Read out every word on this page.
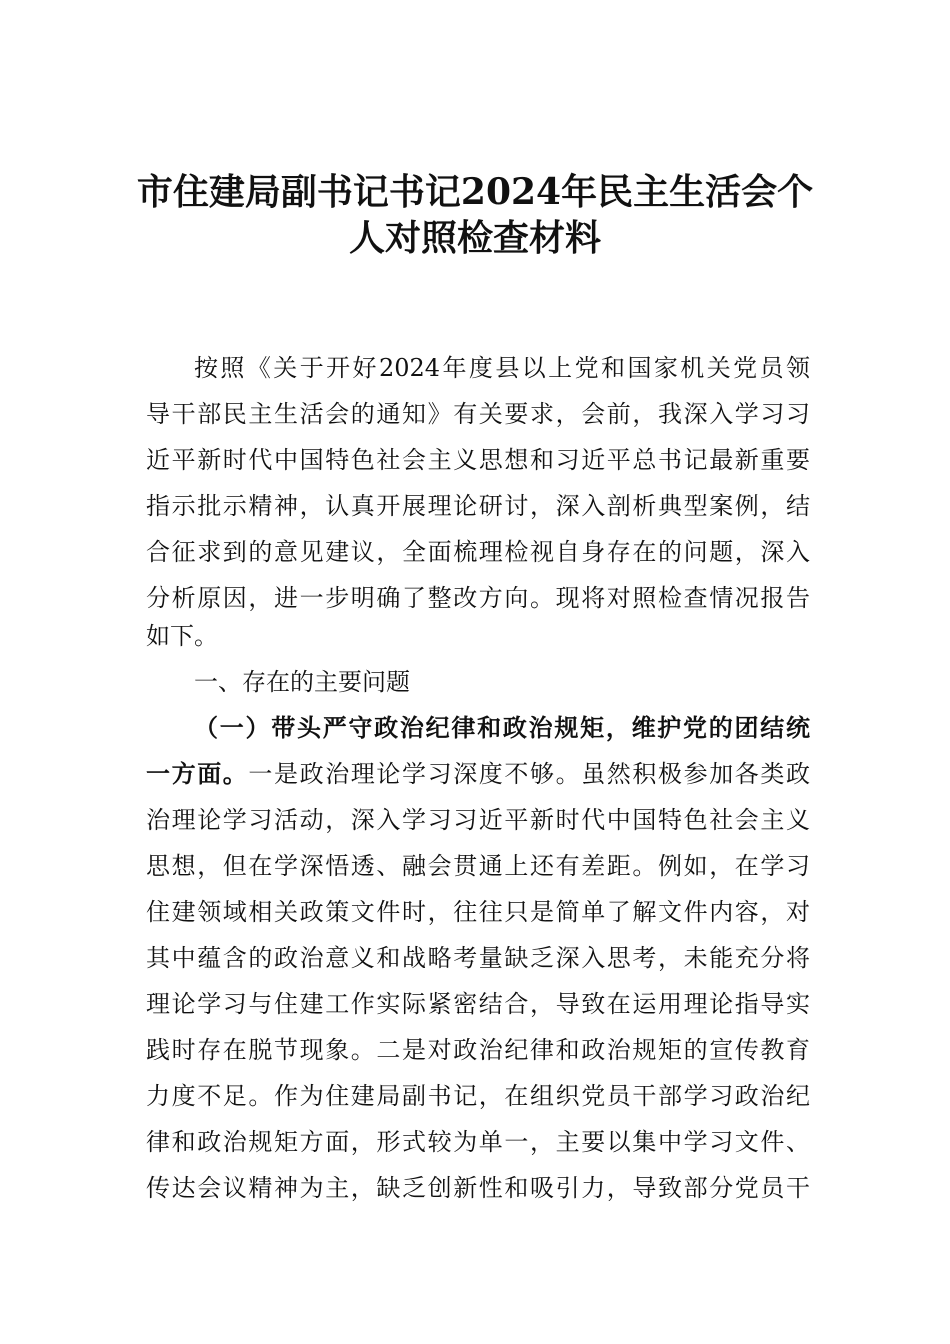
市住建局副书记书记2024年民主生活会个
人对照检查材料
按照《关于开好2024年度县以上党和国家机关党员领
导干部民主生活会的通知》有关要求，会前，我深入学习习
近平新时代中国特色社会主义思想和习近平总书记最新重要
指示批示精神，认真开展理论研讨，深入剖析典型案例，结
合征求到的意见建议，全面梳理检视自身存在的问题，深入
分析原因，进一步明确了整改方向。现将对照检查情况报告
如下。
一、存在的主要问题
（一）带头严守政治纪律和政治规矩，维护党的团结统
一方面。一是政治理论学习深度不够。虽然积极参加各类政
治理论学习活动，深入学习习近平新时代中国特色社会主义
思想，但在学深悟透、融会贯通上还有差距。例如，在学习
住建领域相关政策文件时，往往只是简单了解文件内容，对
其中蕴含的政治意义和战略考量缺乏深入思考，未能充分将
理论学习与住建工作实际紧密结合，导致在运用理论指导实
践时存在脱节现象。二是对政治纪律和政治规矩的宣传教育
力度不足。作为住建局副书记，在组织党员干部学习政治纪
律和政治规矩方面，形式较为单一，主要以集中学习文件、
传达会议精神为主，缺乏创新性和吸引力，导致部分党员干
